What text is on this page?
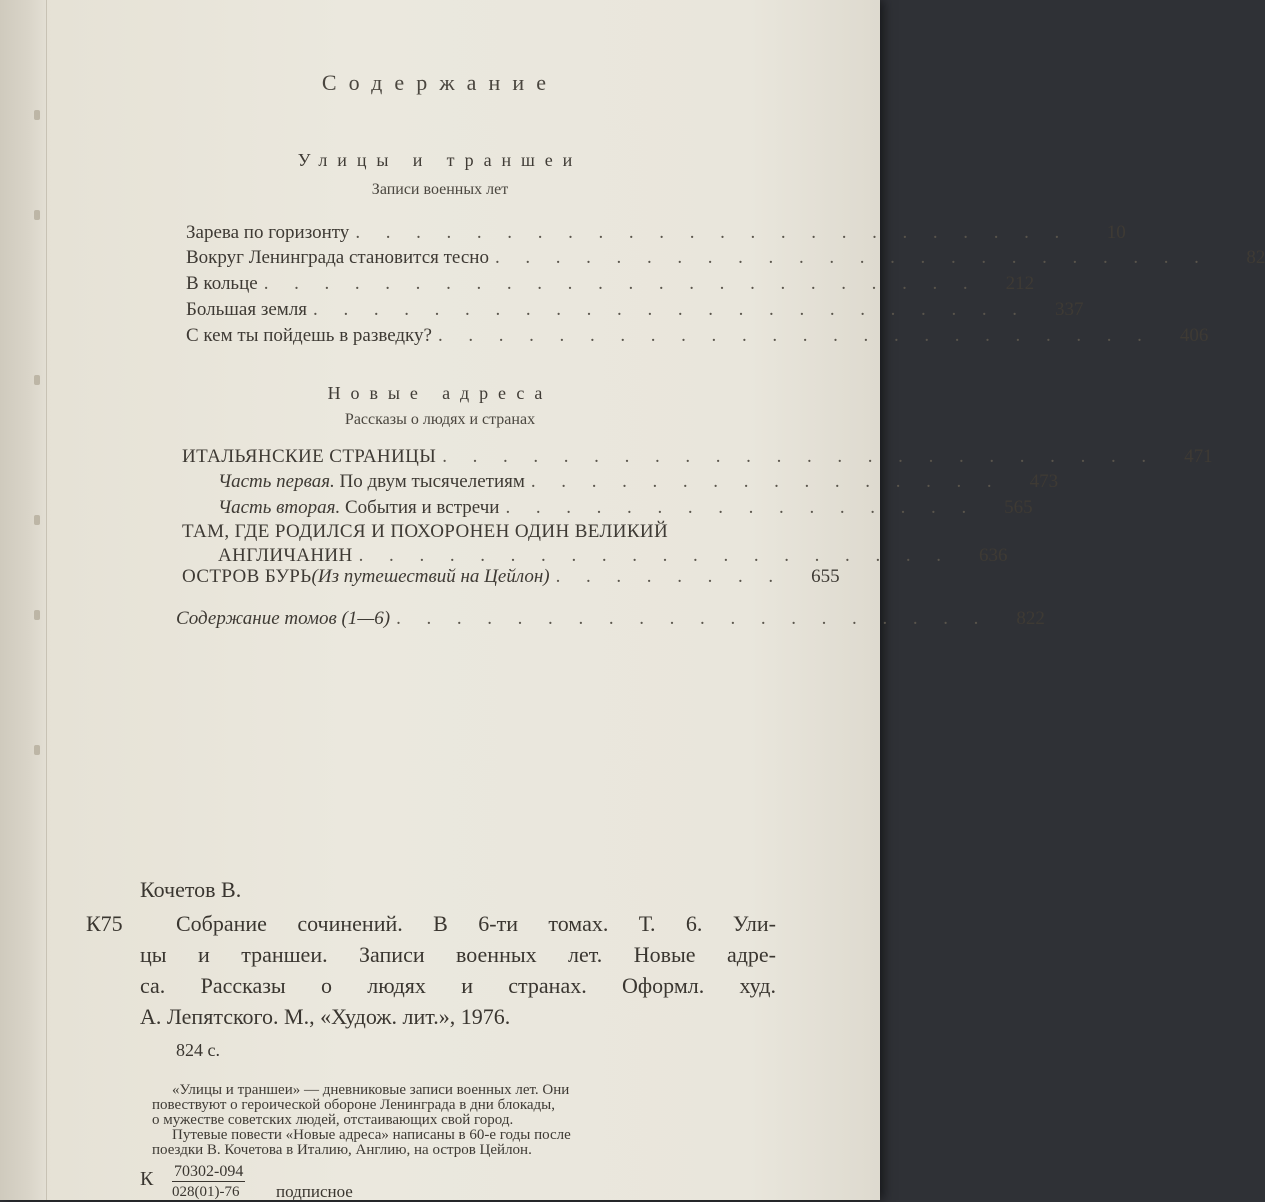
Содержание
Улицы и траншеи
Записи военных лет
Зарева по горизонту . . . . . . . . . . . . . . . . . . . . . . . .	10
Вокруг Ленинграда становится тесно . . . . . . . . . . . . . . . . . . . . . . . .	82
В кольце . . . . . . . . . . . . . . . . . . . . . . . .	212
Большая земля . . . . . . . . . . . . . . . . . . . . . . . .	337
С кем ты пойдешь в разведку? . . . . . . . . . . . . . . . . . . . . . . . .	406
Новые адреса
Рассказы о людях и странах
ИТАЛЬЯНСКИЕ СТРАНИЦЫ . . . . . . . . . . . . . . . . . . . . . . . .	471
Часть первая. По двум тысячелетиям . . . . . . . . . . . . . . . .	473
Часть вторая. События и встречи . . . . . . . . . . . . . . . .	565
ТАМ, ГДЕ РОДИЛСЯ И ПОХОРОНЕН ОДИН ВЕЛИКИЙ
АНГЛИЧАНИН . . . . . . . . . . . . . . . . . . . .	636
ОСТРОВ БУРЬ(Из путешествий на Цейлон) . . . . . . . .	655
Содержание томов (1—6) . . . . . . . . . . . . . . . . . . . .	822
Кочетов В.
К75 Собрание сочинений. В 6-ти томах. Т. 6. Ули-
цы и траншеи. Записи военных лет. Новые адре-
са. Рассказы о людях и странах. Оформл. худ.
А. Лепятского. М., «Худож. лит.», 1976.
824 с.
«Улицы и траншеи» — дневниковые записи военных лет. Они
повествуют о героической обороне Ленинграда в дни блокады,
о мужестве советских людей, отстаивающих свой город.
Путевые повести «Новые адреса» написаны в 60-е годы после
поездки В. Кочетова в Италию, Англию, на остров Цейлон.
К 70302-094
028(01)-76 подписное
